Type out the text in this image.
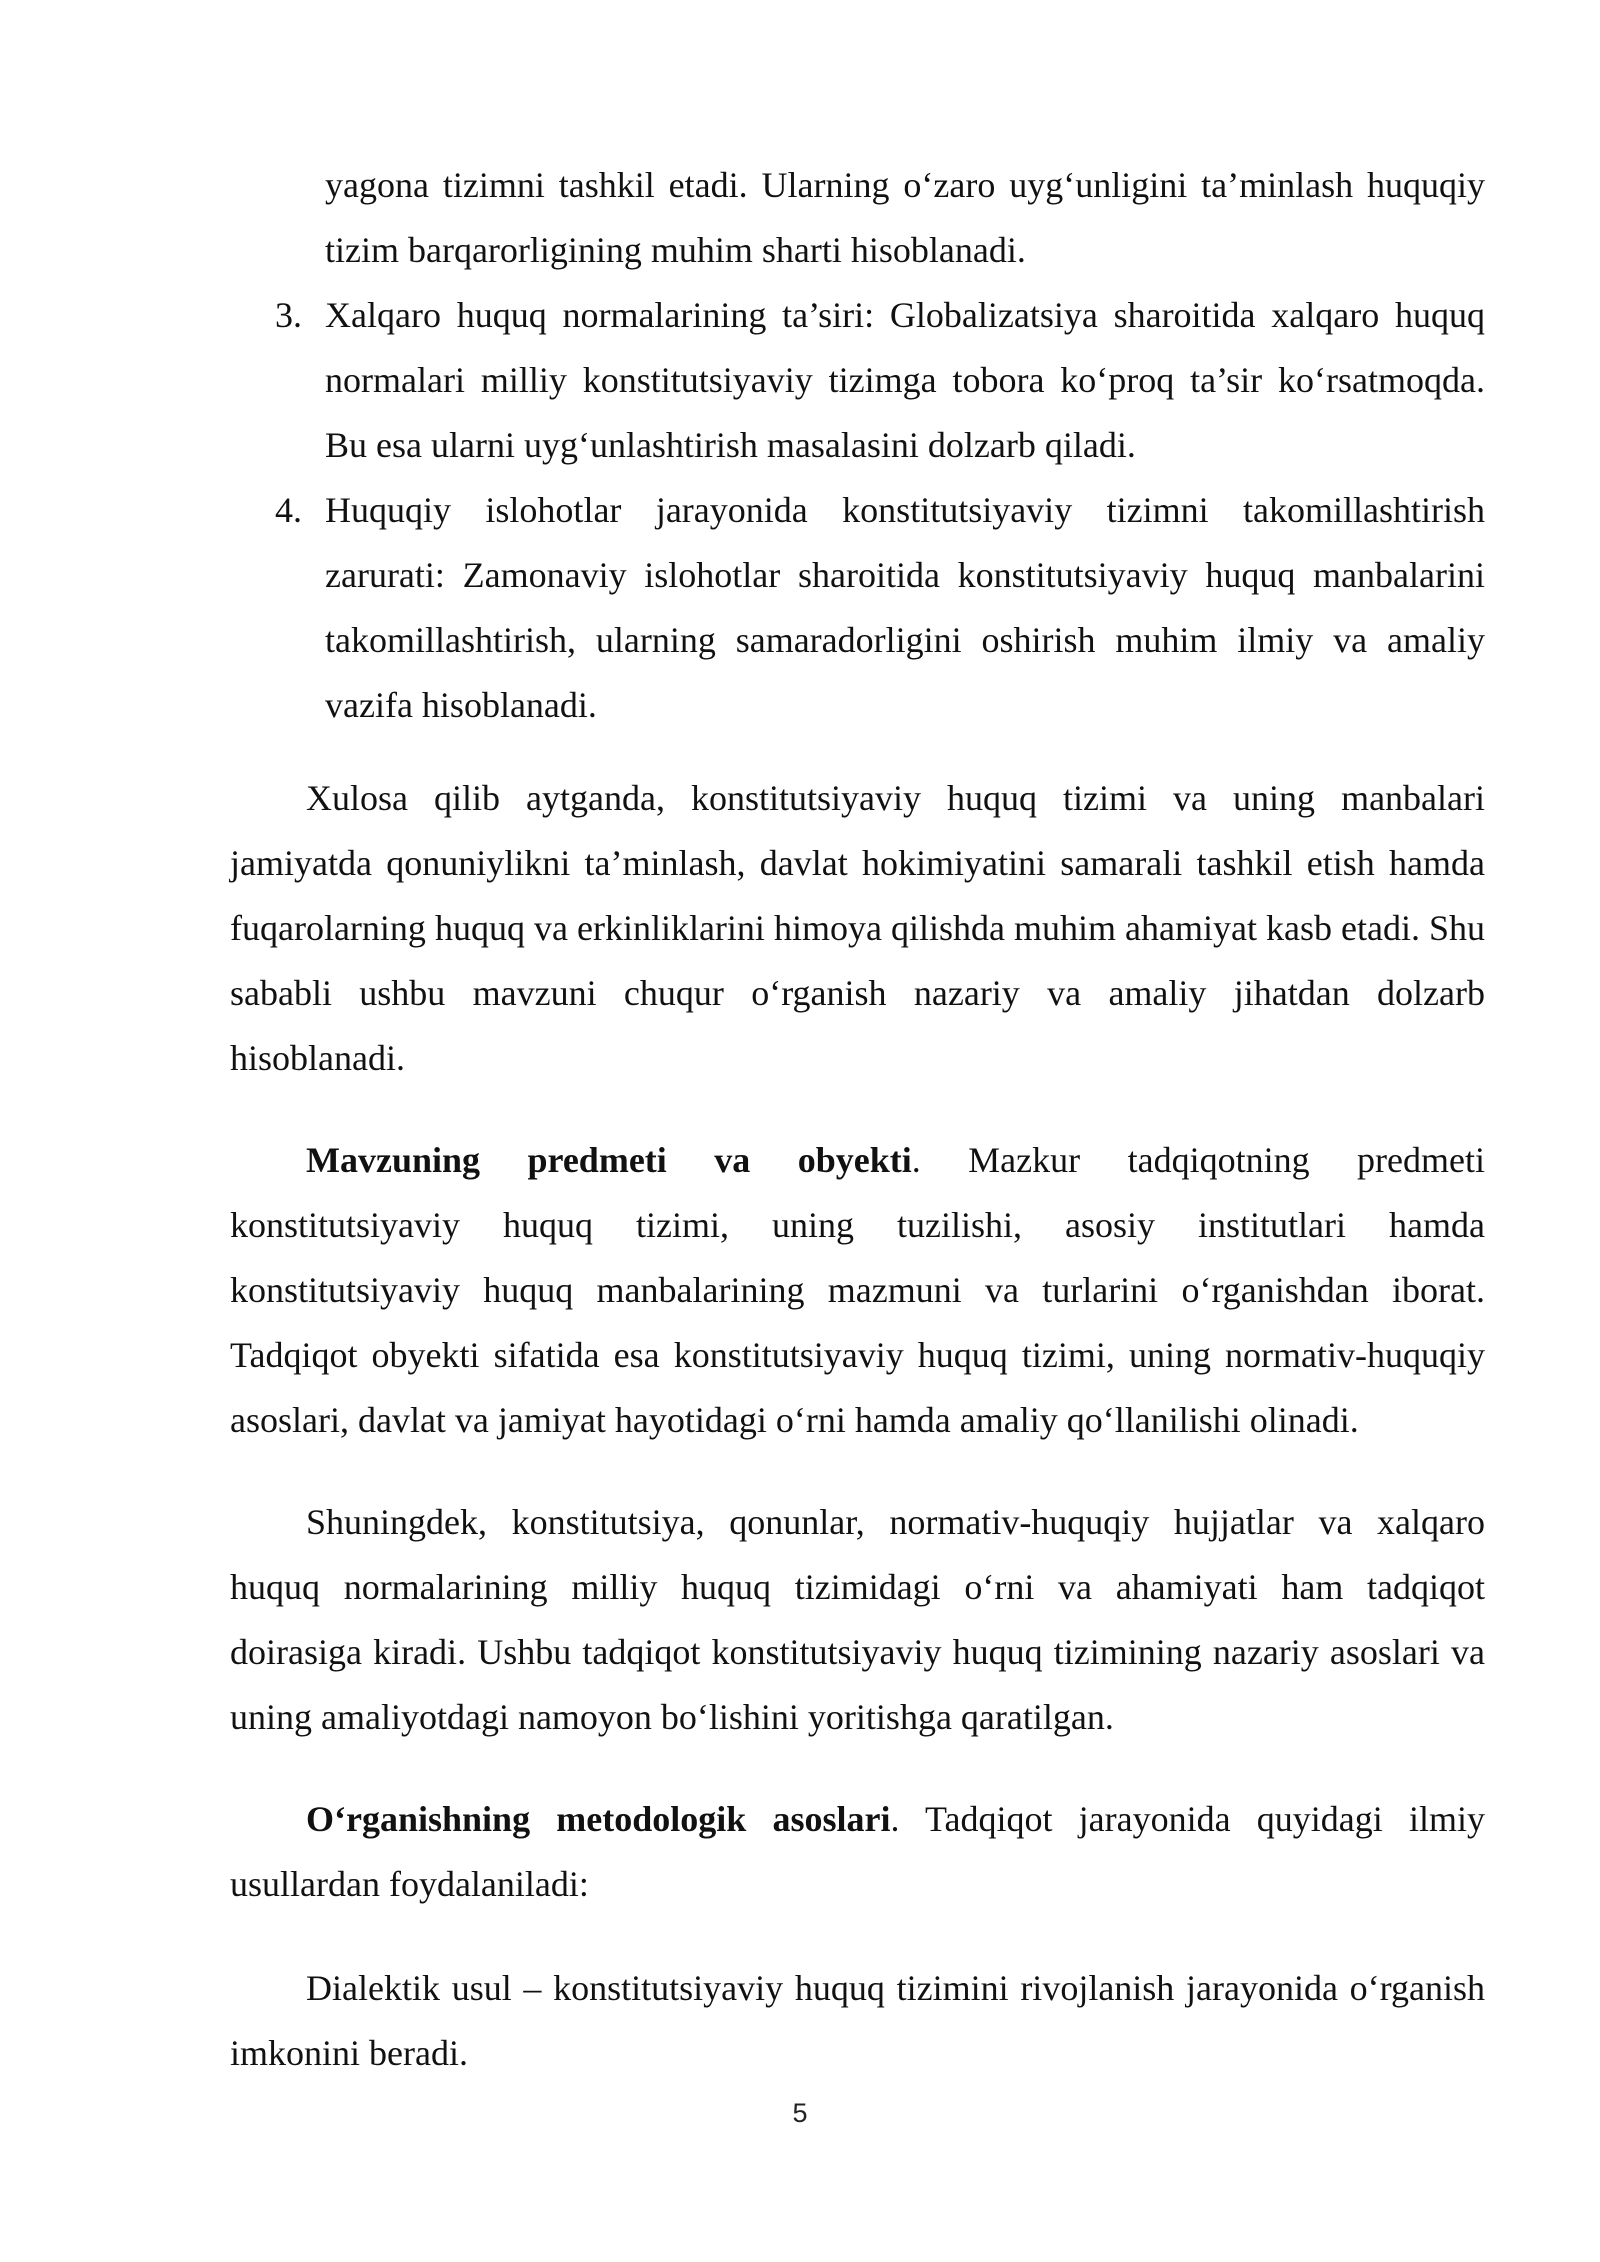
yagona tizimni tashkil etadi. Ularning o‘zaro uyg‘unligini ta’minlash huquqiy tizim barqarorligining muhim sharti hisoblanadi.
3. Xalqaro huquq normalarining ta’siri: Globalizatsiya sharoitida xalqaro huquq normalari milliy konstitutsiyaviy tizimga tobora ko‘proq ta’sir ko‘rsatmoqda. Bu esa ularni uyg‘unlashtirish masalasini dolzarb qiladi.
4. Huquqiy islohotlar jarayonida konstitutsiyaviy tizimni takomillashtirish zarurati: Zamonaviy islohotlar sharoitida konstitutsiyaviy huquq manbalarini takomillashtirish, ularning samaradorligini oshirish muhim ilmiy va amaliy vazifa hisoblanadi.
Xulosa qilib aytganda, konstitutsiyaviy huquq tizimi va uning manbalari jamiyatda qonuniylikni ta’minlash, davlat hokimiyatini samarali tashkil etish hamda fuqarolarning huquq va erkinliklarini himoya qilishda muhim ahamiyat kasb etadi. Shu sababli ushbu mavzuni chuqur o‘rganish nazariy va amaliy jihatdan dolzarb hisoblanadi.
Mavzuning predmeti va obyekti. Mazkur tadqiqotning predmeti konstitutsiyaviy huquq tizimi, uning tuzilishi, asosiy institutlari hamda konstitutsiyaviy huquq manbalarining mazmuni va turlarini o‘rganishdan iborat. Tadqiqot obyekti sifatida esa konstitutsiyaviy huquq tizimi, uning normativ-huquqiy asoslari, davlat va jamiyat hayotidagi o‘rni hamda amaliy qo‘llanilishi olinadi.
Shuningdek, konstitutsiya, qonunlar, normativ-huquqiy hujjatlar va xalqaro huquq normalarining milliy huquq tizimidagi o‘rni va ahamiyati ham tadqiqot doirasiga kiradi. Ushbu tadqiqot konstitutsiyaviy huquq tizimining nazariy asoslari va uning amaliyotdagi namoyon bo‘lishini yoritishga qaratilgan.
O‘rganishning metodologik asoslari. Tadqiqot jarayonida quyidagi ilmiy usullardan foydalaniladi:
Dialektik usul – konstitutsiyaviy huquq tizimini rivojlanish jarayonida o‘rganish imkonini beradi.
5
